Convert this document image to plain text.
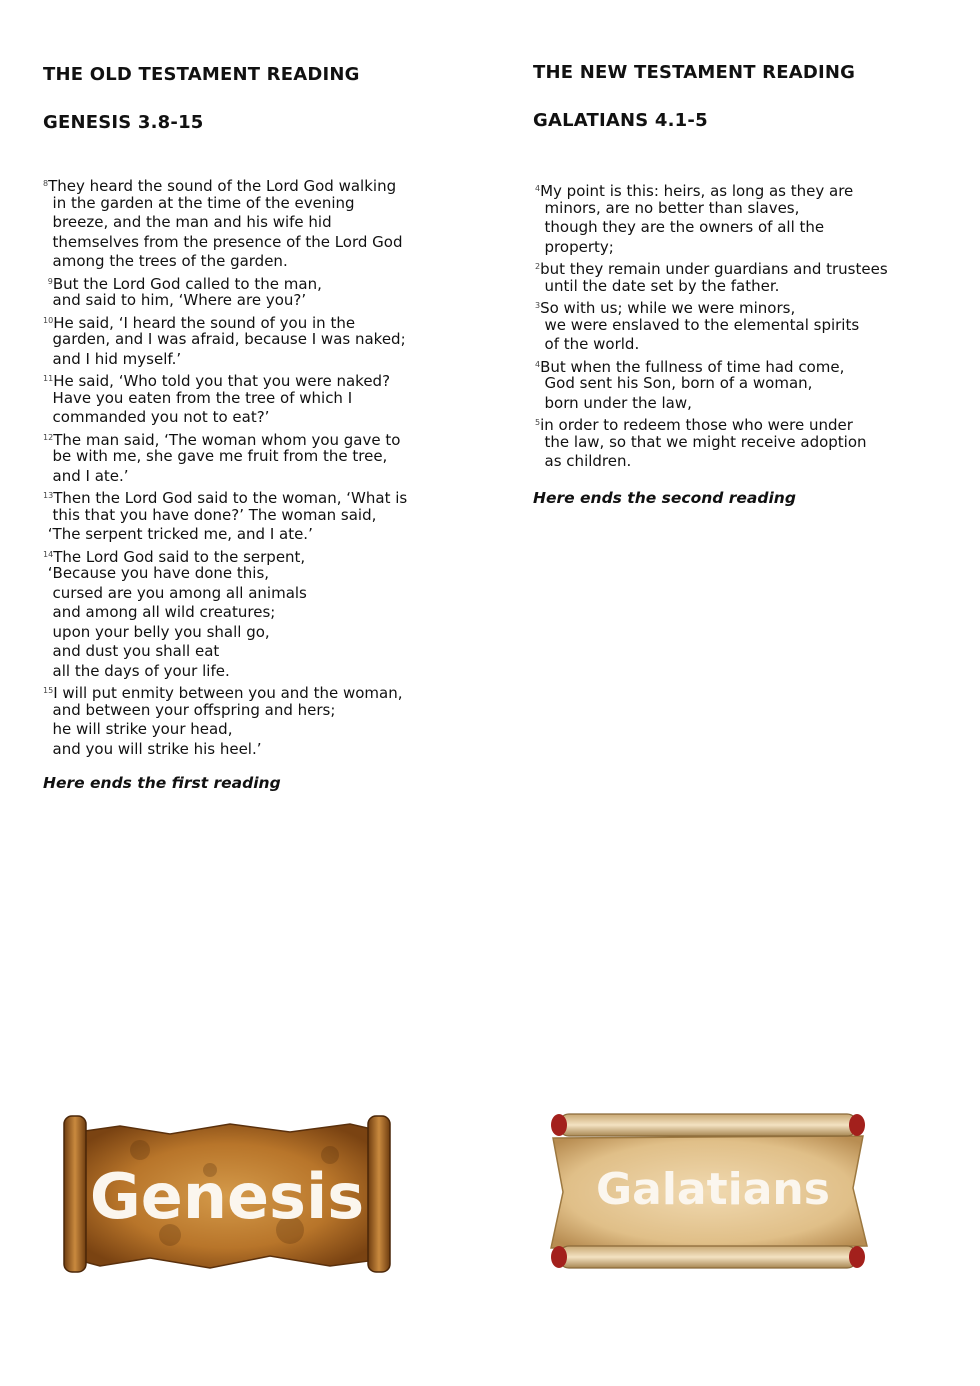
THE OLD TESTAMENT READING
GENESIS 3.8-15
$^8$They heard the sound of the Lord God walking
in the garden at the time of the evening
breeze, and the man and his wife hid
themselves from the presence of the Lord God
among the trees of the garden.
$^9$But the Lord God called to the man,
and said to him, ‘Where are you?’
$^{10}$He said, ‘I heard the sound of you in the
garden, and I was afraid, because I was naked;
and I hid myself.’
$^{11}$He said, ‘Who told you that you were naked?
Have you eaten from the tree of which I
commanded you not to eat?’
$^{12}$The man said, ‘The woman whom you gave to
be with me, she gave me fruit from the tree,
and I ate.’
$^{13}$Then the Lord God said to the woman, ‘What is
this that you have done?’ The woman said,
‘The serpent tricked me, and I ate.’
$^{14}$The Lord God said to the serpent,
‘Because you have done this,
cursed are you among all animals
and among all wild creatures;
upon your belly you shall go,
and dust you shall eat
all the days of your life.
$^{15}$I will put enmity between you and the woman,
and between your offspring and hers;
he will strike your head,
and you will strike his heel.’
Here ends the first reading
THE NEW TESTAMENT READING
GALATIANS 4.1-5
$^4$My point is this: heirs, as long as they are
minors, are no better than slaves,
though they are the owners of all the
property;
$^2$but they remain under guardians and trustees
until the date set by the father.
$^3$So with us; while we were minors,
we were enslaved to the elemental spirits
of the world.
$^4$But when the fullness of time had come,
God sent his Son, born of a woman,
born under the law,
$^5$in order to redeem those who were under
the law, so that we might receive adoption
as children.
Here ends the second reading
Genesis	Galatians
